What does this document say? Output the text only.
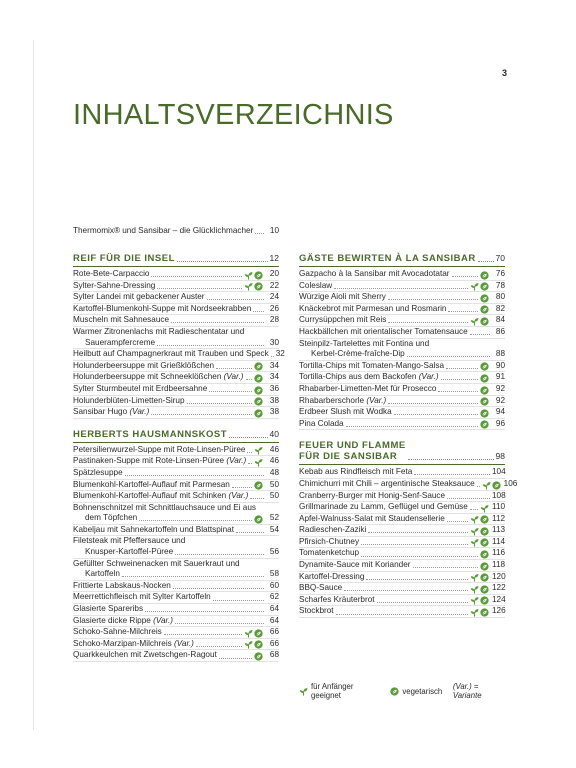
3
INHALTSVERZEICHNIS
Thermomix® und Sansibar – die Glücklichmacher	10
REIF FÜR DIE INSEL	12
Rote-Bete-Carpaccio	20
Sylter-Sahne-Dressing	22
Sylter Landei mit gebackener Auster	24
Kartoffel-Blumenkohl-Suppe mit Nordseekrabben	26
Muscheln mit Sahnesauce	28
Warmer Zitronenlachs mit Radieschentatar und
Sauerampfercreme	30
Heilbutt auf Champagnerkraut mit Trauben und Speck 32
Holunderbeersuppe mit Grießklößchen	34
Holunderbeersuppe mit Schneeklößchen (Var.)	34
Sylter Sturmbeutel mit Erdbeersahne	36
Holunderblüten-Limetten-Sirup	38
Sansibar Hugo (Var.)	38
HERBERTS HAUSMANNSKOST	40
Petersilienwurzel-Suppe mit Rote-Linsen-Püree	46
Pastinaken-Suppe mit Rote-Linsen-Püree (Var.)	46
Spätzlesuppe	48
Blumenkohl-Kartoffel-Auflauf mit Parmesan	50
Blumenkohl-Kartoffel-Auflauf mit Schinken (Var.)	50
Bohnenschnitzel mit Schnittlauchsauce und Ei aus
dem Töpfchen	52
Kabeljau mit Sahnekartoffeln und Blattspinat	54
Filetsteak mit Pfeffersauce und
Knusper-Kartoffel-Püree	56
Gefüllter Schweinenacken mit Sauerkraut und
Kartoffeln	58
Frittierte Labskaus-Nocken	60
Meerrettichfleisch mit Sylter Kartoffeln	62
Glasierte Spareribs	64
Glasierte dicke Rippe (Var.)	64
Schoko-Sahne-Milchreis	66
Schoko-Marzipan-Milchreis (Var.)	66
Quarkkeulchen mit Zwetschgen-Ragout	68
GÄSTE BEWIRTEN À LA SANSIBAR 70
Gazpacho à la Sansibar mit Avocadotatar	76
Coleslaw	78
Würzige Aioli mit Sherry	80
Knäckebrot mit Parmesan und Rosmarin	82
Currysüppchen mit Reis	84
Hackbällchen mit orientalischer Tomatensauce	86
Steinpilz-Tartelettes mit Fontina und
Kerbel-Crème-fraîche-Dip	88
Tortilla-Chips mit Tomaten-Mango-Salsa	90
Tortilla-Chips aus dem Backofen (Var.)	91
Rhabarber-Limetten-Met für Prosecco	92
Rhabarberschorle (Var.)	92
Erdbeer Slush mit Wodka	94
Pina Colada	96
FEUER UND FLAMME
FÜR DIE SANSIBAR	98
Kebab aus Rindfleisch mit Feta	104
Chimichurri mit Chili – argentinische Steaksauce	106
Cranberry-Burger mit Honig-Senf-Sauce	108
Grillmarinade zu Lamm, Geflügel und Gemüse	110
Apfel-Walnuss-Salat mit Staudensellerie	112
Radieschen-Zaziki	113
Pfirsich-Chutney	114
Tomatenketchup	116
Dynamite-Sauce mit Koriander	118
Kartoffel-Dressing	120
BBQ-Sauce	122
Scharfes Kräuterbrot	124
Stockbrot	126
für Anfänger geeignet	vegetarisch (Var.) = Variante
